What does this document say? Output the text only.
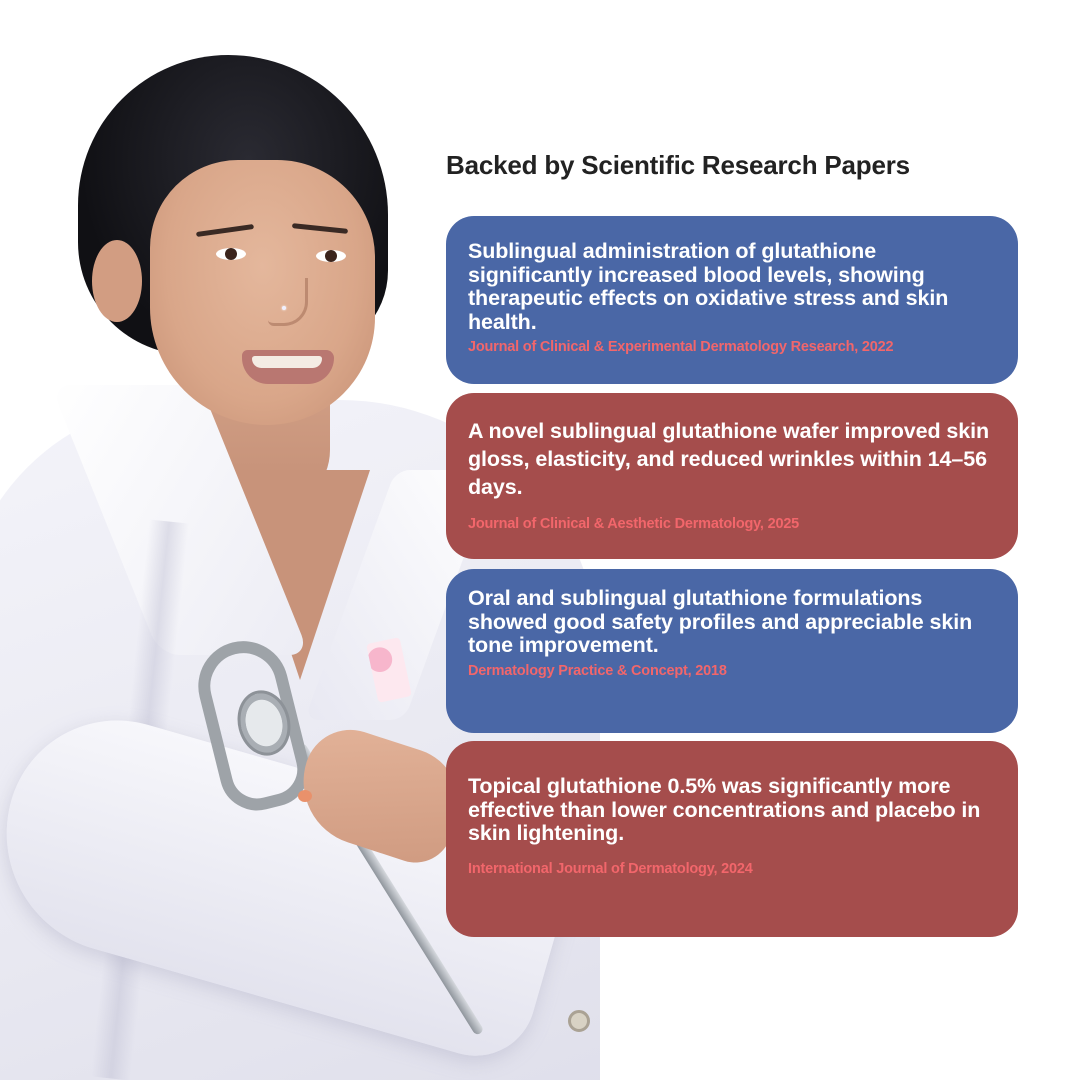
Backed by Scientific Research Papers

Sublingual administration of glutathione significantly increased blood levels, showing therapeutic effects on oxidative stress and skin health.

Journal of Clinical & Experimental Dermatology Research, 2022

A novel sublingual glutathione wafer improved skin gloss, elasticity, and reduced wrinkles within 14–56 days.

Journal of Clinical & Aesthetic Dermatology, 2025

Oral and sublingual glutathione formulations showed good safety profiles and appreciable skin tone improvement.

Dermatology Practice & Concept, 2018

Topical glutathione 0.5% was significantly more effective than lower concentrations and placebo in skin lightening.

International Journal of Dermatology, 2024
